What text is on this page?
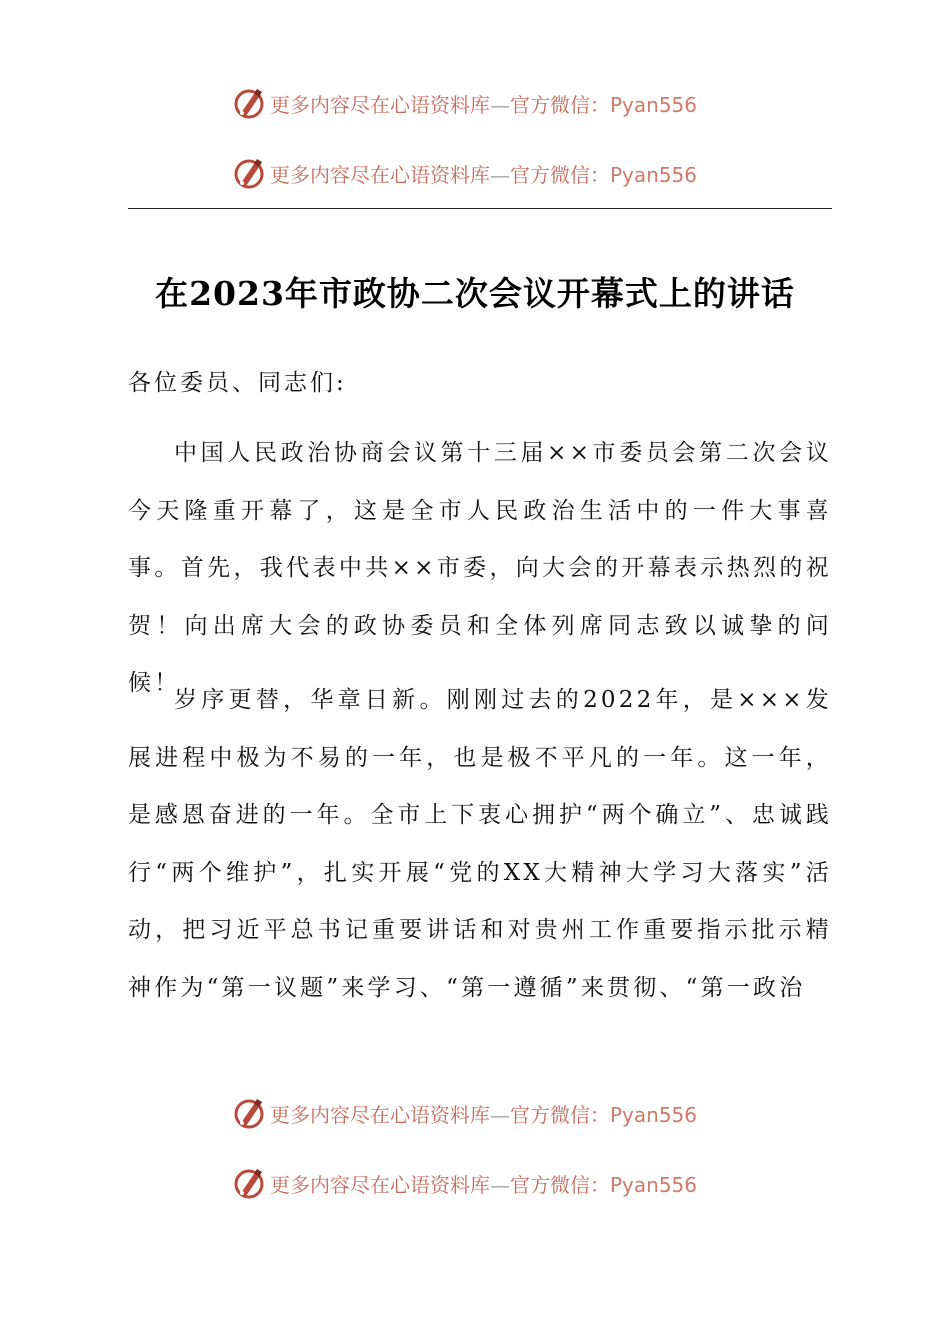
更多内容尽在心语资料库—官方微信：Pyan556
更多内容尽在心语资料库—官方微信：Pyan556
在2023年市政协二次会议开幕式上的讲话
各位委员、同志们:

中国人民政治协商会议第十三届××市委员会第二次会议今天隆重开幕了，这是全市人民政治生活中的一件大事喜事。首先，我代表中共××市委，向大会的开幕表示热烈的祝贺！向出席大会的政协委员和全体列席同志致以诚挚的问候！

岁序更替，华章日新。刚刚过去的2022年，是×××发展进程中极为不易的一年，也是极不平凡的一年。这一年，是感恩奋进的一年。全市上下衷心拥护“两个确立”、忠诚践行“两个维护”，扎实开展“党的XX大精神大学习大落实”活动，把习近平总书记重要讲话和对贵州工作重要指示批示精神作为“第一议题”来学习、“第一遵循”来贯彻、“第一政治

更多内容尽在心语资料库—官方微信：Pyan556
更多内容尽在心语资料库—官方微信：Pyan556
